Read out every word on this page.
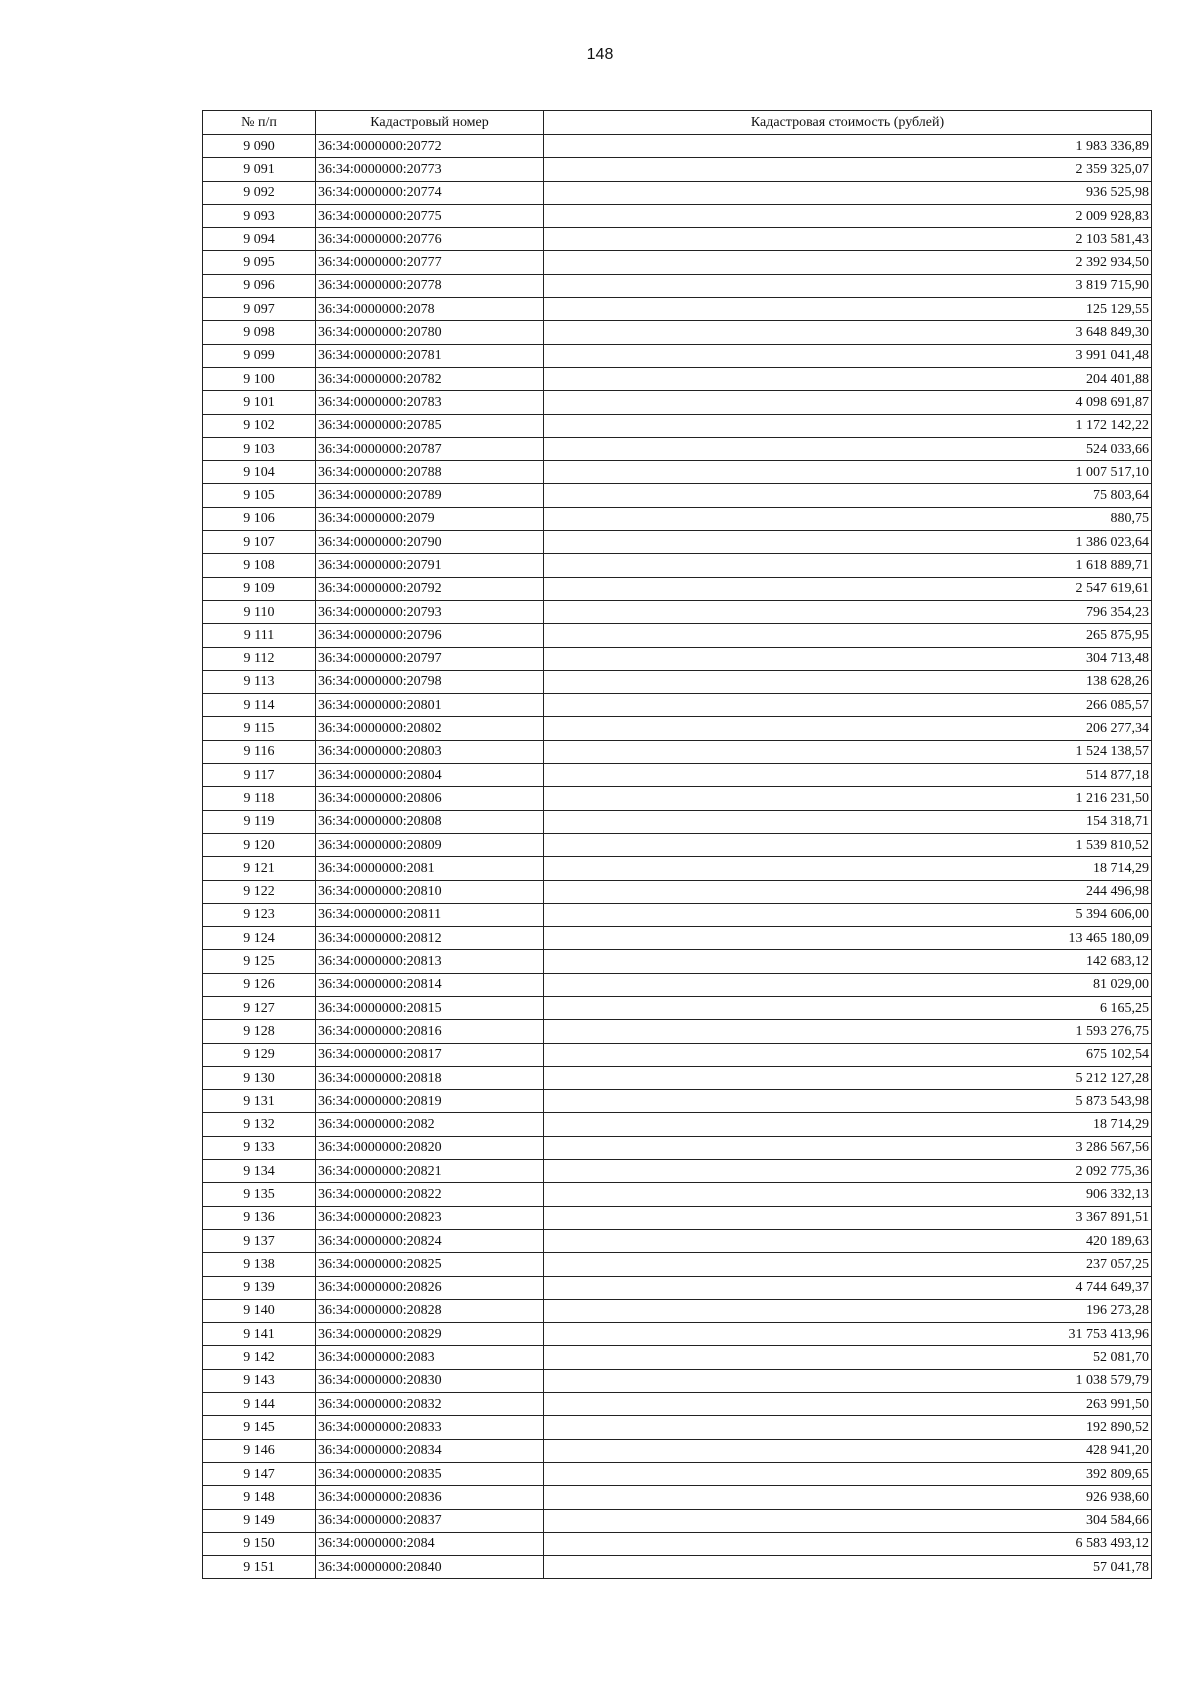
148
№ п/п	Кадастровый номер	Кадастровая стоимость (рублей)
9 090	36:34:0000000:20772	1 983 336,89
9 091	36:34:0000000:20773	2 359 325,07
9 092	36:34:0000000:20774	936 525,98
9 093	36:34:0000000:20775	2 009 928,83
9 094	36:34:0000000:20776	2 103 581,43
9 095	36:34:0000000:20777	2 392 934,50
9 096	36:34:0000000:20778	3 819 715,90
9 097	36:34:0000000:2078	125 129,55
9 098	36:34:0000000:20780	3 648 849,30
9 099	36:34:0000000:20781	3 991 041,48
9 100	36:34:0000000:20782	204 401,88
9 101	36:34:0000000:20783	4 098 691,87
9 102	36:34:0000000:20785	1 172 142,22
9 103	36:34:0000000:20787	524 033,66
9 104	36:34:0000000:20788	1 007 517,10
9 105	36:34:0000000:20789	75 803,64
9 106	36:34:0000000:2079	880,75
9 107	36:34:0000000:20790	1 386 023,64
9 108	36:34:0000000:20791	1 618 889,71
9 109	36:34:0000000:20792	2 547 619,61
9 110	36:34:0000000:20793	796 354,23
9 111	36:34:0000000:20796	265 875,95
9 112	36:34:0000000:20797	304 713,48
9 113	36:34:0000000:20798	138 628,26
9 114	36:34:0000000:20801	266 085,57
9 115	36:34:0000000:20802	206 277,34
9 116	36:34:0000000:20803	1 524 138,57
9 117	36:34:0000000:20804	514 877,18
9 118	36:34:0000000:20806	1 216 231,50
9 119	36:34:0000000:20808	154 318,71
9 120	36:34:0000000:20809	1 539 810,52
9 121	36:34:0000000:2081	18 714,29
9 122	36:34:0000000:20810	244 496,98
9 123	36:34:0000000:20811	5 394 606,00
9 124	36:34:0000000:20812	13 465 180,09
9 125	36:34:0000000:20813	142 683,12
9 126	36:34:0000000:20814	81 029,00
9 127	36:34:0000000:20815	6 165,25
9 128	36:34:0000000:20816	1 593 276,75
9 129	36:34:0000000:20817	675 102,54
9 130	36:34:0000000:20818	5 212 127,28
9 131	36:34:0000000:20819	5 873 543,98
9 132	36:34:0000000:2082	18 714,29
9 133	36:34:0000000:20820	3 286 567,56
9 134	36:34:0000000:20821	2 092 775,36
9 135	36:34:0000000:20822	906 332,13
9 136	36:34:0000000:20823	3 367 891,51
9 137	36:34:0000000:20824	420 189,63
9 138	36:34:0000000:20825	237 057,25
9 139	36:34:0000000:20826	4 744 649,37
9 140	36:34:0000000:20828	196 273,28
9 141	36:34:0000000:20829	31 753 413,96
9 142	36:34:0000000:2083	52 081,70
9 143	36:34:0000000:20830	1 038 579,79
9 144	36:34:0000000:20832	263 991,50
9 145	36:34:0000000:20833	192 890,52
9 146	36:34:0000000:20834	428 941,20
9 147	36:34:0000000:20835	392 809,65
9 148	36:34:0000000:20836	926 938,60
9 149	36:34:0000000:20837	304 584,66
9 150	36:34:0000000:2084	6 583 493,12
9 151	36:34:0000000:20840	57 041,78
